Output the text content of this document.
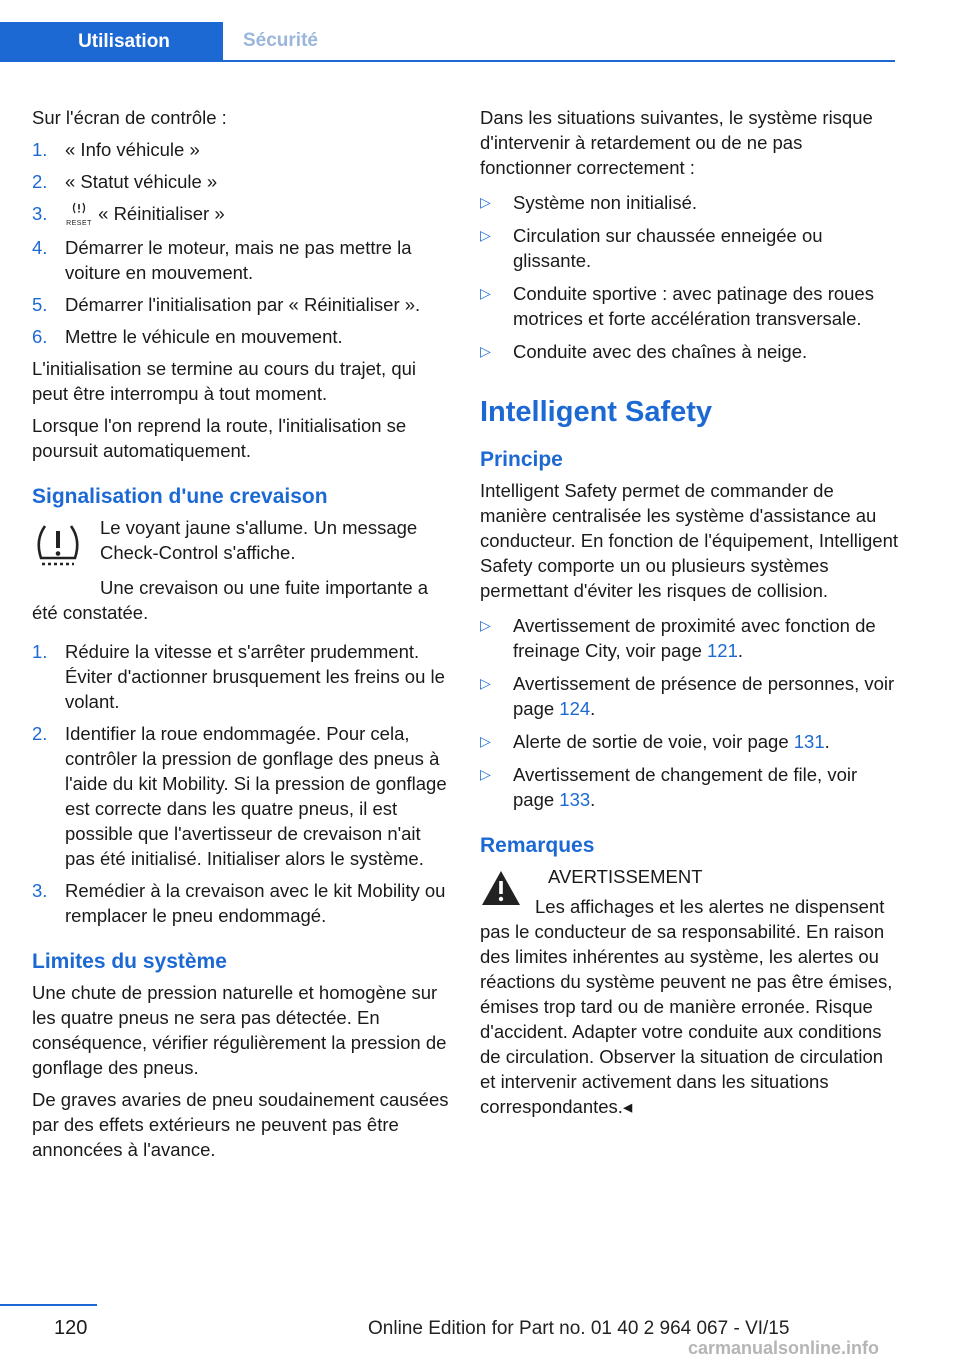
Utilisation	Sécurité

Sur l'écran de contrôle :

1. « Info véhicule »
2. « Statut véhicule »
3.	RESET « Réinitialiser »
4. Démarrer le moteur, mais ne pas mettre la voiture en mouvement.
5. Démarrer l'initialisation par « Réinitialiser ».
6. Mettre le véhicule en mouvement.

L'initialisation se termine au cours du trajet, qui peut être interrompu à tout moment.

Lorsque l'on reprend la route, l'initialisation se poursuit automatiquement.

Signalisation d'une crevaison

Le voyant jaune s'allume. Un message Check-Control s'affiche.

Une crevaison ou une fuite importante a été constatée.

1. Réduire la vitesse et s'arrêter prudemment. Éviter d'actionner brusquement les freins ou le volant.
2. Identifier la roue endommagée. Pour cela, contrôler la pression de gonflage des pneus à l'aide du kit Mobility. Si la pression de gonflage est correcte dans les quatre pneus, il est possible que l'avertisseur de crevaison n'ait pas été initialisé. Initialiser alors le système.
3. Remédier à la crevaison avec le kit Mobility ou remplacer le pneu endommagé.
Limites du système

Une chute de pression naturelle et homogène sur les quatre pneus ne sera pas détectée. En conséquence, vérifier régulièrement la pression de gonflage des pneus.

De graves avaries de pneu soudainement causées par des effets extérieurs ne peuvent pas être annoncées à l'avance.

Dans les situations suivantes, le système risque d'intervenir à retardement ou de ne pas fonctionner correctement :

▷	Système non initialisé.
▷	Circulation sur chaussée enneigée ou glissante.
▷	Conduite sportive : avec patinage des roues motrices et forte accélération transversale.
▷	Conduite avec des chaînes à neige.
Intelligent Safety
Principe

Intelligent Safety permet de commander de manière centralisée les système d'assistance au conducteur. En fonction de l'équipement, Intelligent Safety comporte un ou plusieurs systèmes permettant d'éviter les risques de collision.

▷	Avertissement de proximité avec fonction de freinage City, voir page 121.
▷	Avertissement de présence de personnes, voir page 124.
▷	Alerte de sortie de voie, voir page 131.
▷	Avertissement de changement de file, voir page 133.
Remarques

AVERTISSEMENT

Les affichages et les alertes ne dispensent pas le conducteur de sa responsabilité. En raison des limites inhérentes au système, les alertes ou réactions du système peuvent ne pas être émises, émises trop tard ou de manière erronée. Risque d'accident. Adapter votre conduite aux conditions de circulation. Observer la situation de circulation et intervenir activement dans les situations correspondantes.◂

120	Online Edition for Part no. 01 40 2 964 067 - VI/15
carmanualsonline.info
